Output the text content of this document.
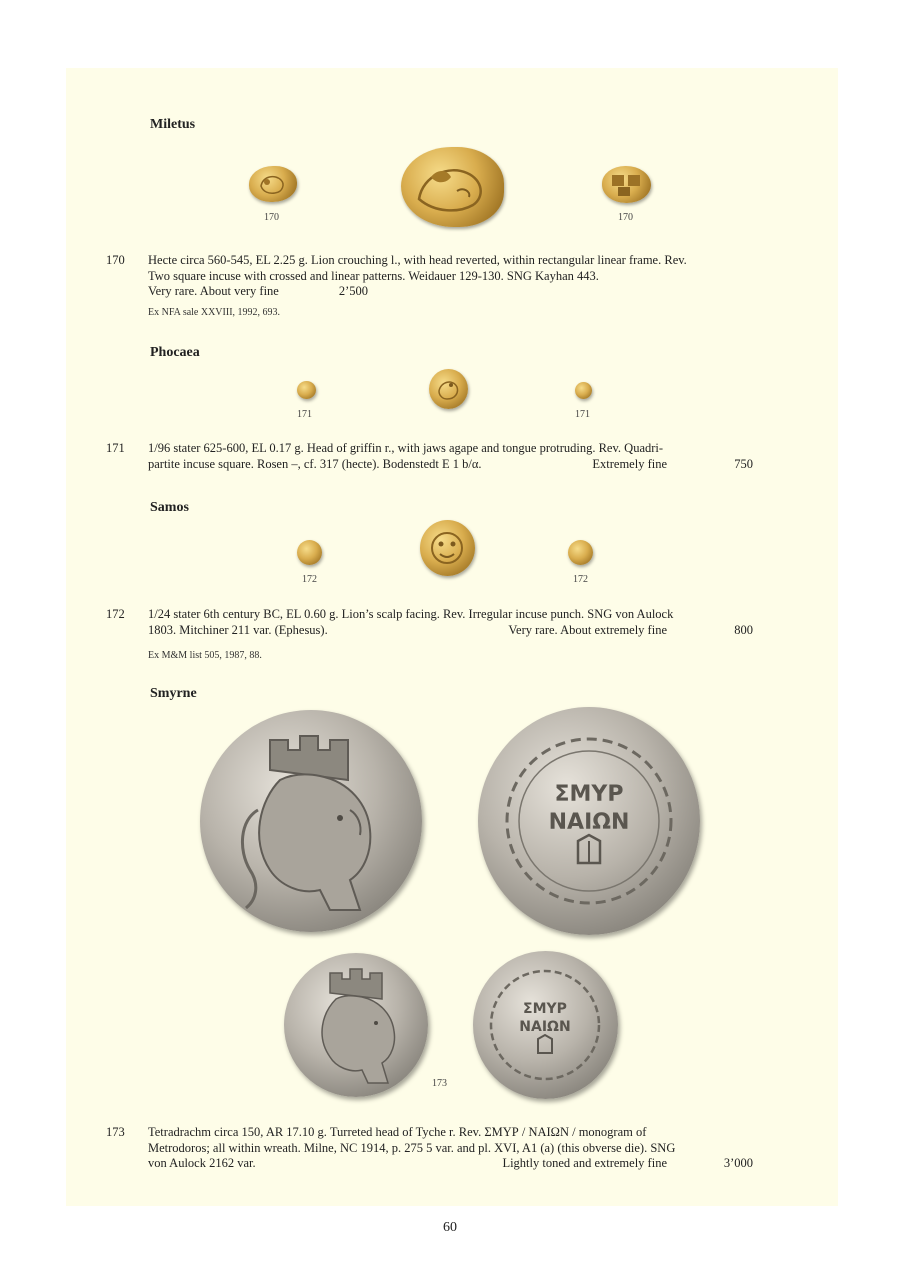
Miletus
170	170
170 Hecte circa 560-545, EL 2.25 g. Lion crouching l., with head reverted, within rectangular linear frame. Rev.
Two square incuse with crossed and linear patterns. Weidauer 129-130. SNG Kayhan 443.
Very rare. About very fine	2’500
Ex NFA sale XXVIII, 1992, 693.
Phocaea
171	171
171 1/96 stater 625-600, EL 0.17 g. Head of griffin r., with jaws agape and tongue protruding. Rev. Quadri-
partite incuse square. Rosen –, cf. 317 (hecte). Bodenstedt E 1 b/α.	Extremely fine	750
Samos
172	172
172 1/24 stater 6th century BC, EL 0.60 g. Lion’s scalp facing. Rev. Irregular incuse punch. SNG von Aulock
1803. Mitchiner 211 var. (Ephesus).	Very rare. About extremely fine	800
Ex M&M list 505, 1987, 88.
Smyrne
ΣΜΥΡ
ΝΑΙΩΝ
ΣΜΥΡ
ΝΑΙΩΝ
173
173 Tetradrachm circa 150, AR 17.10 g. Turreted head of Tyche r. Rev. ΣΜΥΡ / ΝΑΙΩΝ / monogram of
Metrodoros; all within wreath. Milne, NC 1914, p. 275 5 var. and pl. XVI, A1 (a) (this obverse die). SNG
von Aulock 2162 var.	Lightly toned and extremely fine	3’000
60
